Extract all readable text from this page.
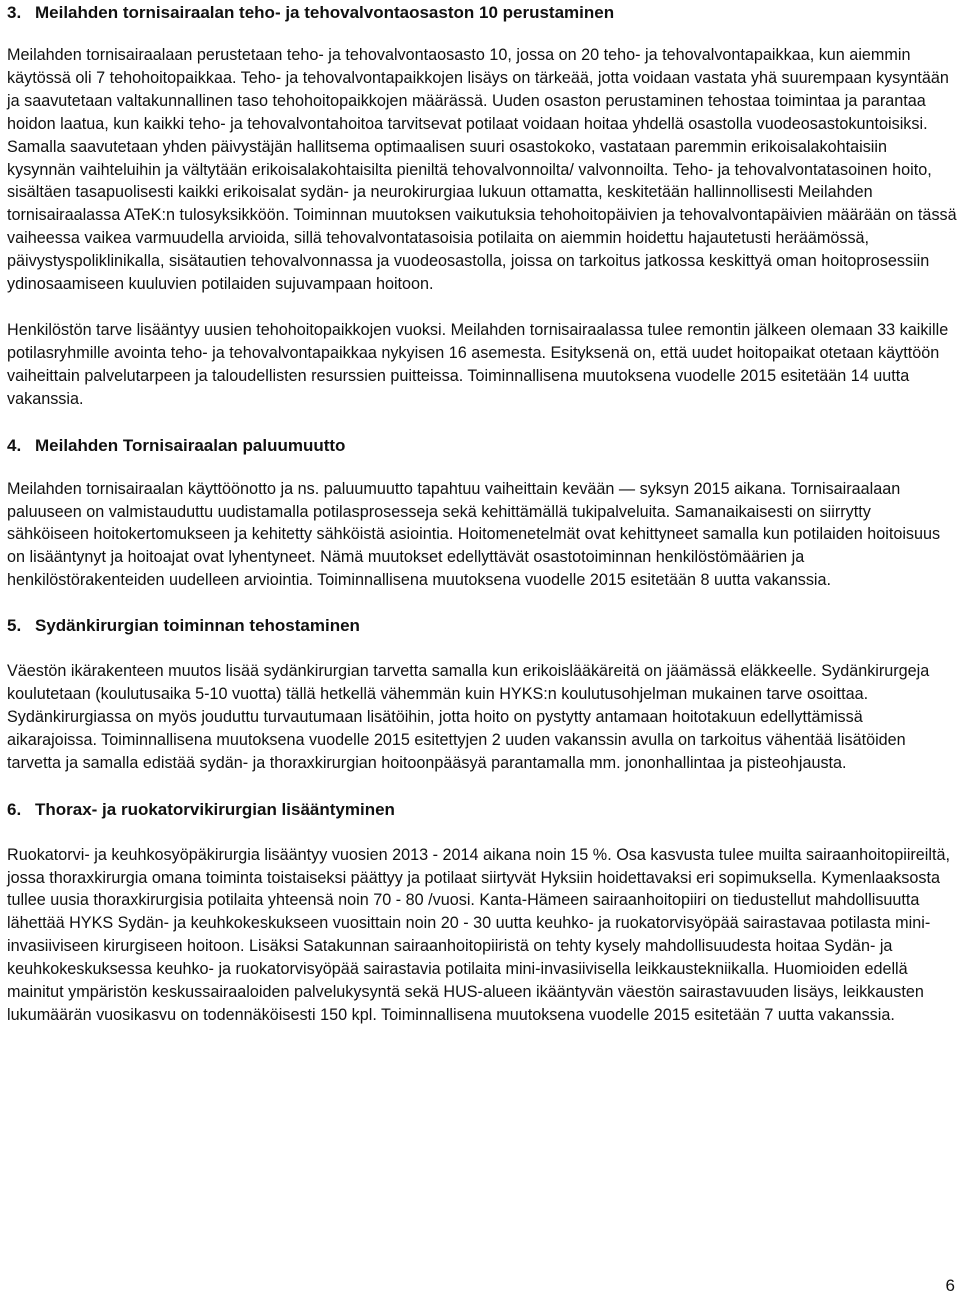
3. Meilahden tornisairaalan teho- ja tehovalvontaosaston 10 perustaminen

Meilahden tornisairaalaan perustetaan teho- ja tehovalvontaosasto 10, jossa on 20 teho- ja tehovalvontapaikkaa, kun aiemmin käytössä oli 7 tehohoitopaikkaa. Teho- ja tehovalvontapaikkojen lisäys on tärkeää, jotta voidaan vastata yhä suurempaan kysyntään ja saavutetaan valtakunnallinen taso tehohoitopaikkojen määrässä. Uuden osaston perustaminen tehostaa toimintaa ja parantaa hoidon laatua, kun kaikki teho- ja tehovalvontahoitoa tarvitsevat potilaat voidaan hoitaa yhdellä osastolla vuodeosastokuntoisiksi. Samalla saavutetaan yhden päivystäjän hallitsema optimaalisen suuri osastokoko, vastataan paremmin erikoisalakohtaisiin kysynnän vaihteluihin ja vältytään erikoisalakohtaisilta pieniltä tehovalvonnoilta/ valvonnoilta. Teho- ja tehovalvontatasoinen hoito, sisältäen tasapuolisesti kaikki erikoisalat sydän- ja neurokirurgiaa lukuun ottamatta, keskitetään hallinnollisesti Meilahden tornisairaalassa ATeK:n tulosyksikköön. Toiminnan muutoksen vaikutuksia tehohoitopäivien ja tehovalvontapäivien määrään on tässä vaiheessa vaikea varmuudella arvioida, sillä tehovalvontatasoisia potilaita on aiemmin hoidettu hajautetusti heräämössä, päivystyspoliklinikalla, sisätautien tehovalvonnassa ja vuodeosastolla, joissa on tarkoitus jatkossa keskittyä oman hoitoprosessiin ydinosaamiseen kuuluvien potilaiden sujuvampaan hoitoon.

Henkilöstön tarve lisääntyy uusien tehohoitopaikkojen vuoksi. Meilahden tornisairaalassa tulee remontin jälkeen olemaan 33 kaikille potilasryhmille avointa teho- ja tehovalvontapaikkaa nykyisen 16 asemesta. Esityksenä on, että uudet hoitopaikat otetaan käyttöön vaiheittain palvelutarpeen ja taloudellisten resurssien puitteissa. Toiminnallisena muutoksena vuodelle 2015 esitetään 14 uutta vakanssia.

4. Meilahden Tornisairaalan paluumuutto

Meilahden tornisairaalan käyttöönotto ja ns. paluumuutto tapahtuu vaiheittain kevään — syksyn 2015 aikana. Tornisairaalaan paluuseen on valmistauduttu uudistamalla potilasprosesseja sekä kehittämällä tukipalveluita. Samanaikaisesti on siirrytty sähköiseen hoitokertomukseen ja kehitetty sähköistä asiointia. Hoitomenetelmät ovat kehittyneet samalla kun potilaiden hoitoisuus on lisääntynyt ja hoitoajat ovat lyhentyneet. Nämä muutokset edellyttävät osastotoiminnan henkilöstömäärien ja henkilöstörakenteiden uudelleen arviointia. Toiminnallisena muutoksena vuodelle 2015 esitetään 8 uutta vakanssia.

5. Sydänkirurgian toiminnan tehostaminen

Väestön ikärakenteen muutos lisää sydänkirurgian tarvetta samalla kun erikoislääkäreitä on jäämässä eläkkeelle. Sydänkirurgeja koulutetaan (koulutusaika 5-10 vuotta) tällä hetkellä vähemmän kuin HYKS:n koulutusohjelman mukainen tarve osoittaa. Sydänkirurgiassa on myös jouduttu turvautumaan lisätöihin, jotta hoito on pystytty antamaan hoitotakuun edellyttämissä aikarajoissa. Toiminnallisena muutoksena vuodelle 2015 esitettyjen 2 uuden vakanssin avulla on tarkoitus vähentää lisätöiden tarvetta ja samalla edistää sydän- ja thoraxkirurgian hoitoonpääsyä parantamalla mm. jononhallintaa ja pisteohjausta.

6. Thorax- ja ruokatorvikirurgian lisääntyminen

Ruokatorvi- ja keuhkosyöpäkirurgia lisääntyy vuosien 2013 - 2014 aikana noin 15 %. Osa kasvusta tulee muilta sairaanhoitopiireiltä, jossa thoraxkirurgia omana toiminta toistaiseksi päättyy ja potilaat siirtyvät Hyksiin hoidettavaksi eri sopimuksella. Kymenlaaksosta tullee uusia thoraxkirurgisia potilaita yhteensä noin 70 - 80 /vuosi. Kanta-Hämeen sairaanhoitopiiri on tiedustellut mahdollisuutta lähettää HYKS Sydän- ja keuhkokeskukseen vuosittain noin 20 - 30 uutta keuhko- ja ruokatorvisyöpää sairastavaa potilasta mini-invasiiviseen kirurgiseen hoitoon. Lisäksi Satakunnan sairaanhoitopiiristä on tehty kysely mahdollisuudesta hoitaa Sydän- ja keuhkokeskuksessa keuhko- ja ruokatorvisyöpää sairastavia potilaita mini-invasiivisella leikkaustekniikalla. Huomioiden edellä mainitut ympäristön keskussairaaloiden palvelukysyntä sekä HUS-alueen ikääntyvän väestön sairastavuuden lisäys, leikkausten lukumäärän vuosikasvu on todennäköisesti 150 kpl. Toiminnallisena muutoksena vuodelle 2015 esitetään 7 uutta vakanssia.

6
